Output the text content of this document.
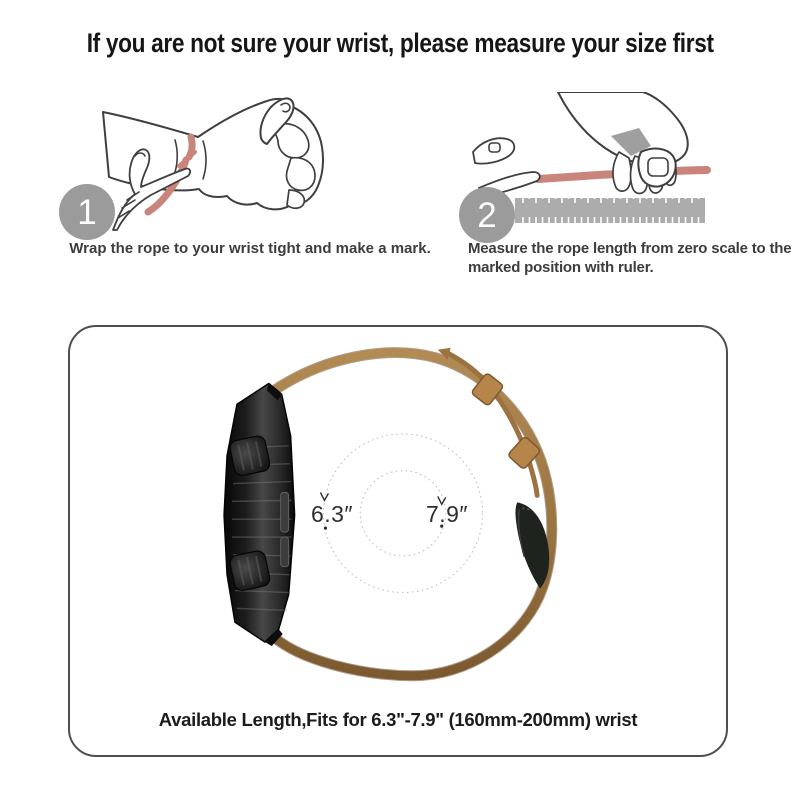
If you are not sure your wrist, please measure your size first
1	2

Wrap the rope to your wrist tight and make a mark.	Measure the rope length from zero scale to the marked position with ruler.

6.3″	7.9″

Available Length,Fits for 6.3"-7.9" (160mm-200mm) wrist
